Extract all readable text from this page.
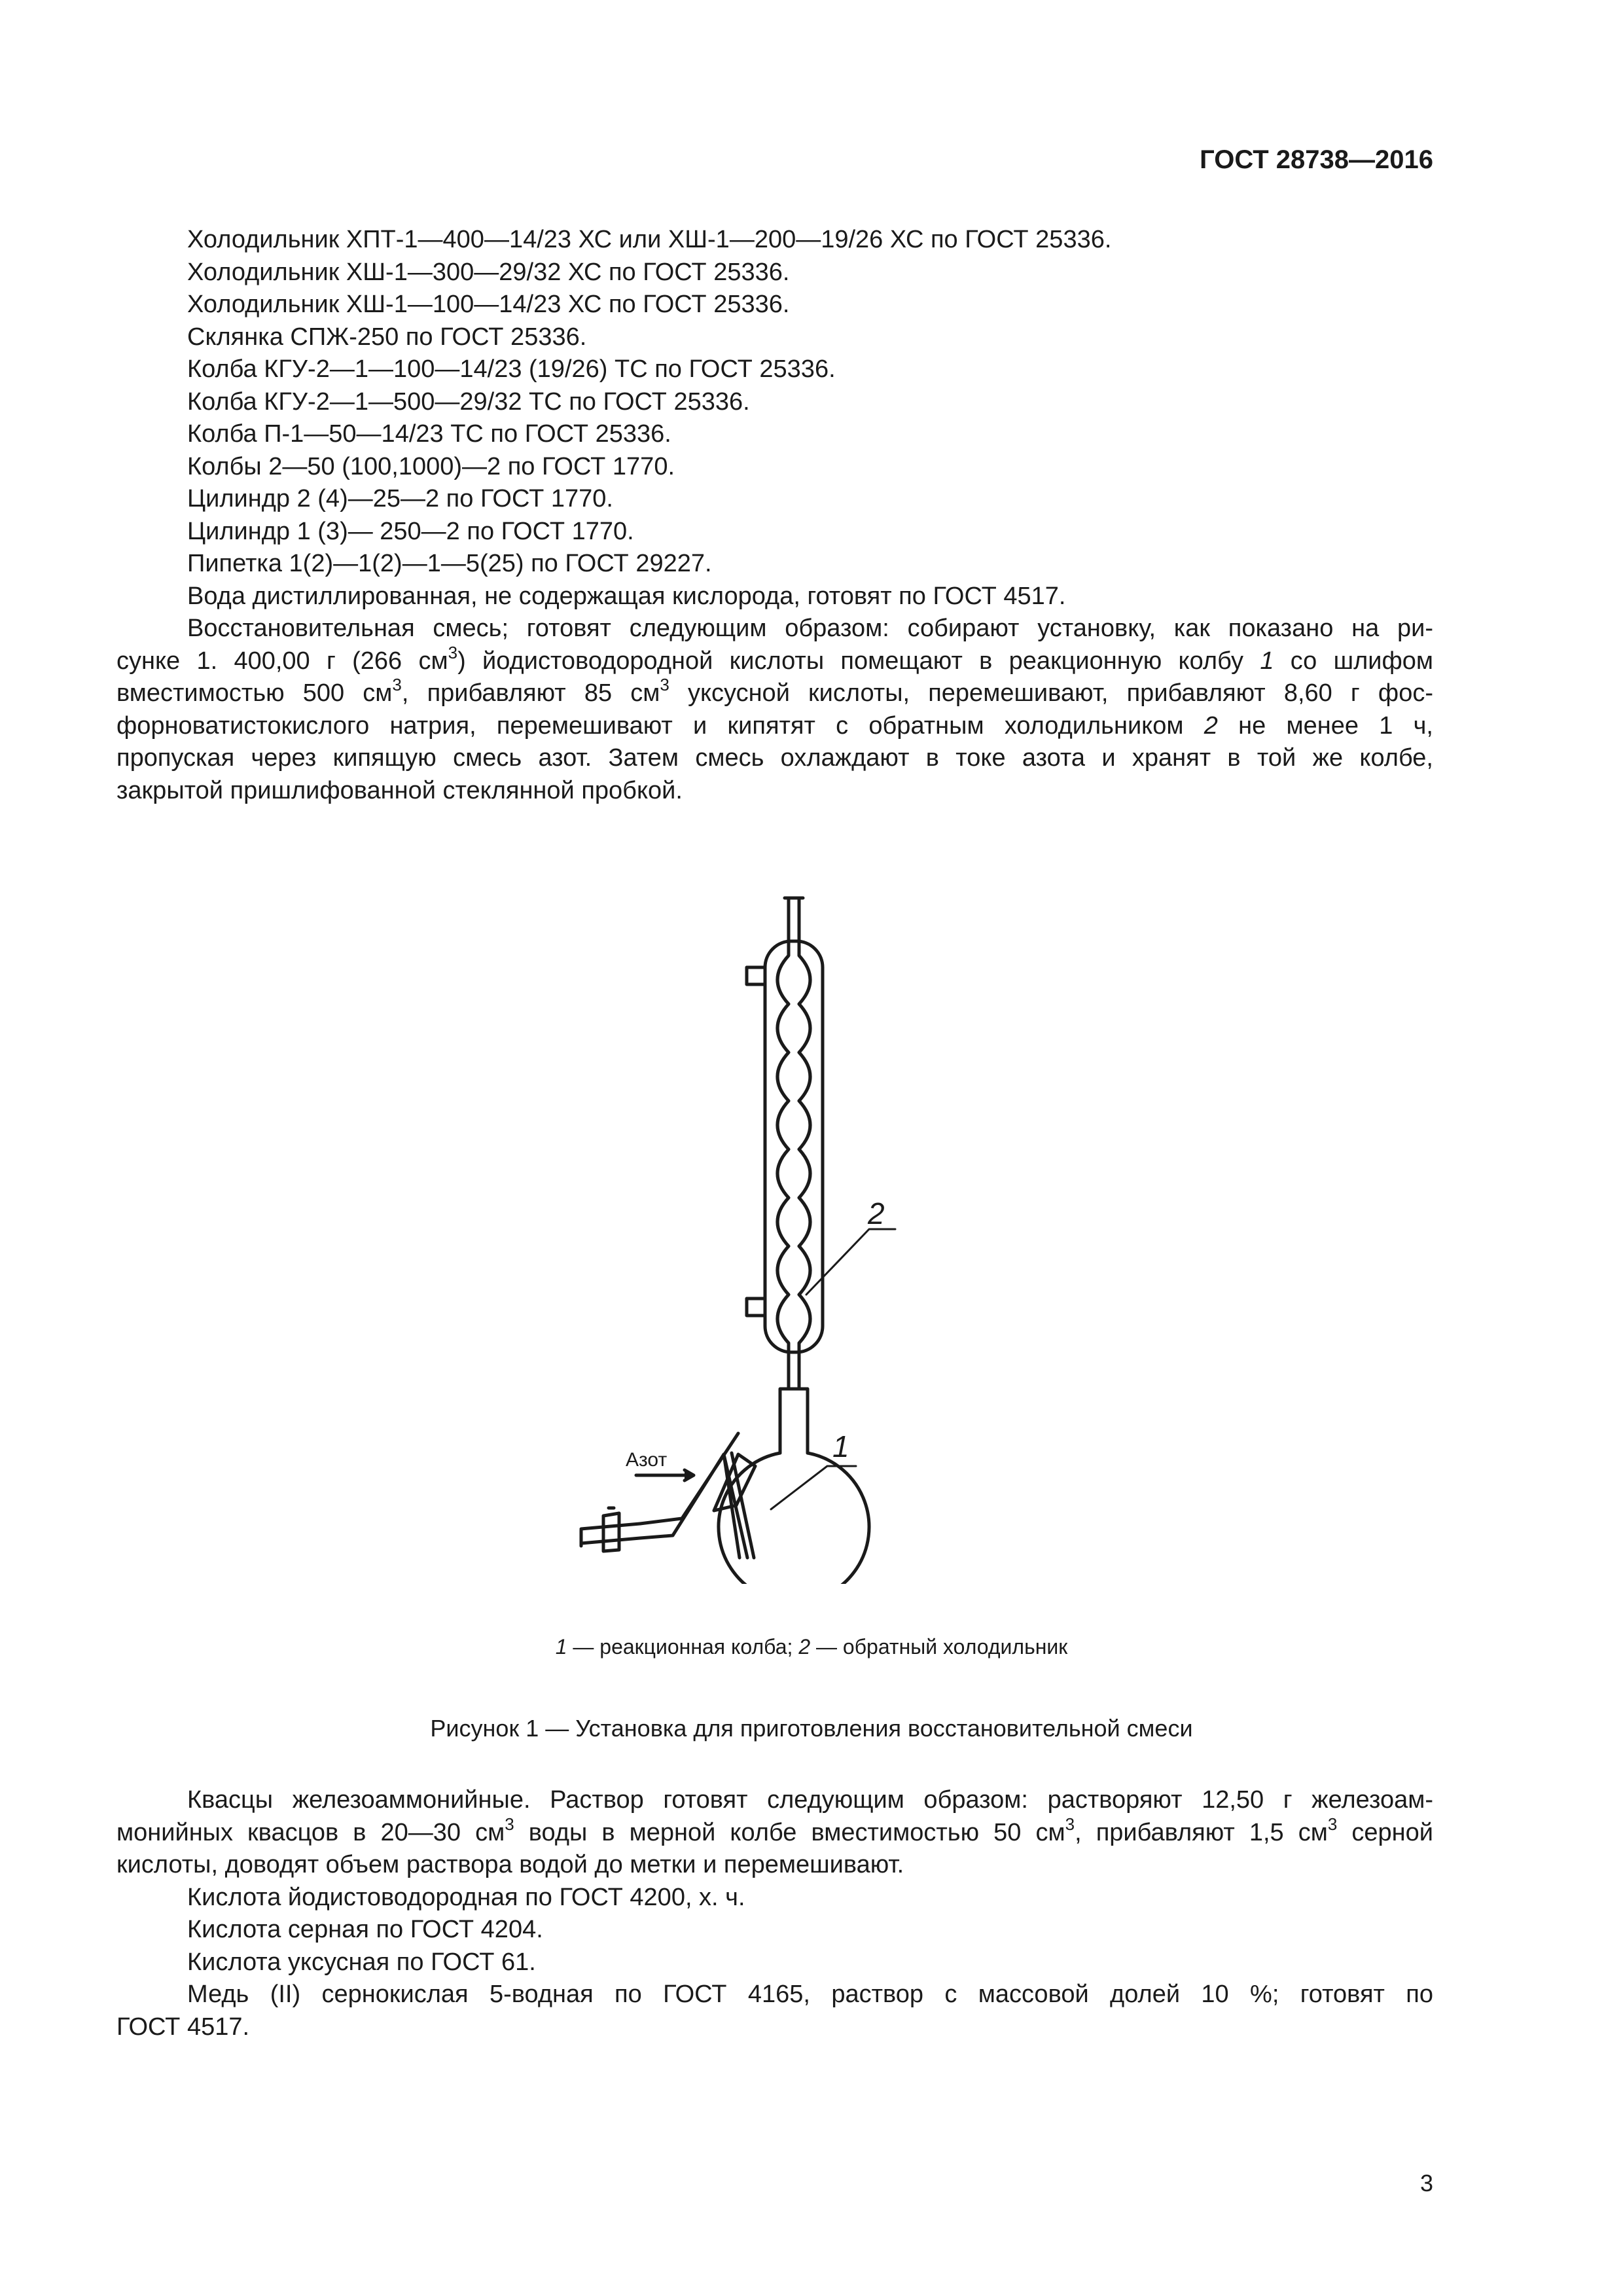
ГОСТ 28738—2016

Холодильник ХПТ-1—400—14/23 ХС или ХШ-1—200—19/26 ХС по ГОСТ 25336.

Холодильник ХШ-1—300—29/32 ХС по ГОСТ 25336.

Холодильник ХШ-1—100—14/23 ХС по ГОСТ 25336.

Склянка СПЖ-250 по ГОСТ 25336.

Колба КГУ-2—1—100—14/23 (19/26) ТС по ГОСТ 25336.

Колба КГУ-2—1—500—29/32 ТС по ГОСТ 25336.

Колба П-1—50—14/23 ТС по ГОСТ 25336.

Колбы 2—50 (100,1000)—2 по ГОСТ 1770.

Цилиндр 2 (4)—25—2 по ГОСТ 1770.

Цилиндр 1 (3)— 250—2 по ГОСТ 1770.

Пипетка 1(2)—1(2)—1—5(25) по ГОСТ 29227.

Вода дистиллированная, не содержащая кислорода, готовят по ГОСТ 4517.

Восстановительная смесь; готовят следующим образом: собирают установку, как показано на ри-

сунке 1. 400,00 г (266 $см^3$) йодистоводородной кислоты помещают в реакционную колбу 1 со шлифом

вместимостью 500 $см^3$, прибавляют 85 $см^3$ уксусной кислоты, перемешивают, прибавляют 8,60 г фос-

форноватистокислого натрия, перемешивают и кипятят с обратным холодильником 2 не менее 1 ч,

пропуская через кипящую смесь азот. Затем смесь охлаждают в токе азота и хранят в той же колбе,

закрытой пришлифованной стеклянной пробкой.

Азот
2
1
1 — реакционная колба; 2 — обратный холодильник
Рисунок 1 — Установка для приготовления восстановительной смеси

Квасцы железоаммонийные. Раствор готовят следующим образом: растворяют 12,50 г железоам-

монийных квасцов в 20—30 $см^3$ воды в мерной колбе вместимостью 50 $см^3$, прибавляют 1,5 $см^3$ серной

кислоты, доводят объем раствора водой до метки и перемешивают.

Кислота йодистоводородная по ГОСТ 4200, х. ч.

Кислота серная по ГОСТ 4204.

Кислота уксусная по ГОСТ 61.

Медь (II) сернокислая 5-водная по ГОСТ 4165, раствор с массовой долей 10 %; готовят по

ГОСТ 4517.

3
